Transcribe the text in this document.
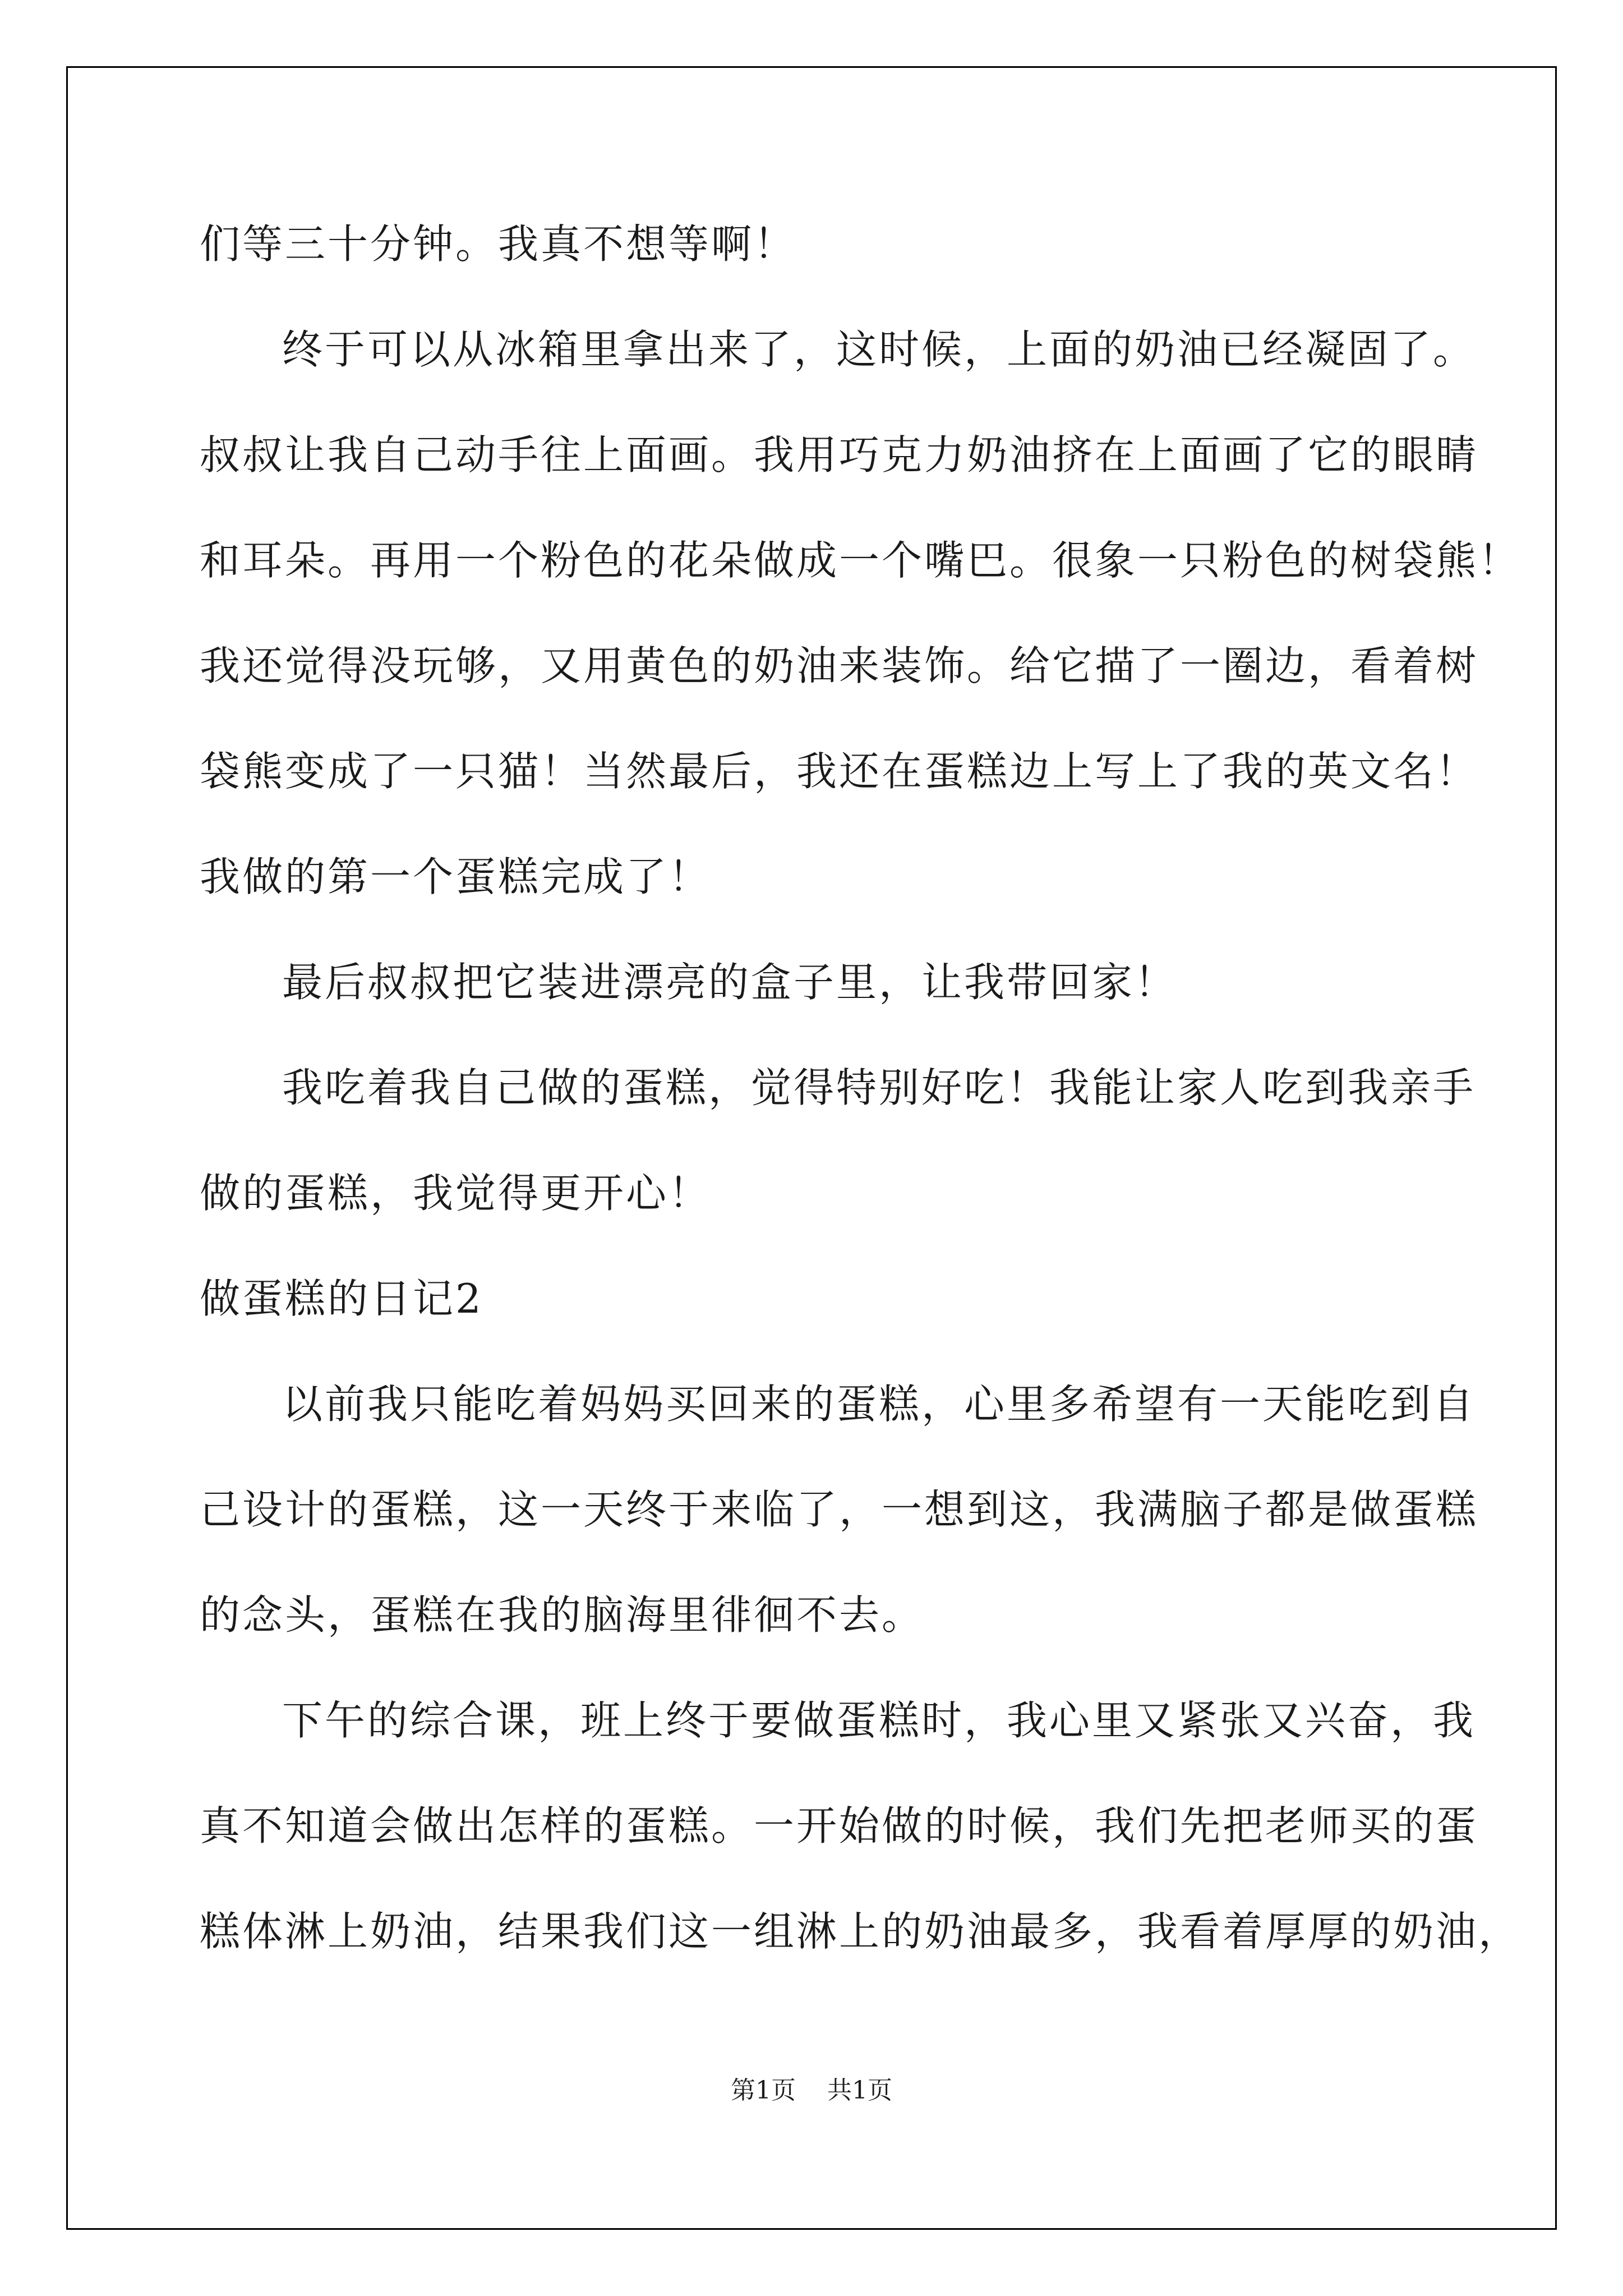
们等三十分钟。我真不想等啊！
终于可以从冰箱里拿出来了，这时候，上面的奶油已经凝固了。
叔叔让我自己动手往上面画。我用巧克力奶油挤在上面画了它的眼睛
和耳朵。再用一个粉色的花朵做成一个嘴巴。很象一只粉色的树袋熊！
我还觉得没玩够，又用黄色的奶油来装饰。给它描了一圈边，看着树
袋熊变成了一只猫！当然最后，我还在蛋糕边上写上了我的英文名！
我做的第一个蛋糕完成了！
最后叔叔把它装进漂亮的盒子里，让我带回家！
我吃着我自己做的蛋糕，觉得特别好吃！我能让家人吃到我亲手
做的蛋糕，我觉得更开心！
做蛋糕的日记2
以前我只能吃着妈妈买回来的蛋糕，心里多希望有一天能吃到自
己设计的蛋糕，这一天终于来临了，一想到这，我满脑子都是做蛋糕
的念头，蛋糕在我的脑海里徘徊不去。
下午的综合课，班上终于要做蛋糕时，我心里又紧张又兴奋，我
真不知道会做出怎样的蛋糕。一开始做的时候，我们先把老师买的蛋
糕体淋上奶油，结果我们这一组淋上的奶油最多，我看着厚厚的奶油，
第1页    共1页
